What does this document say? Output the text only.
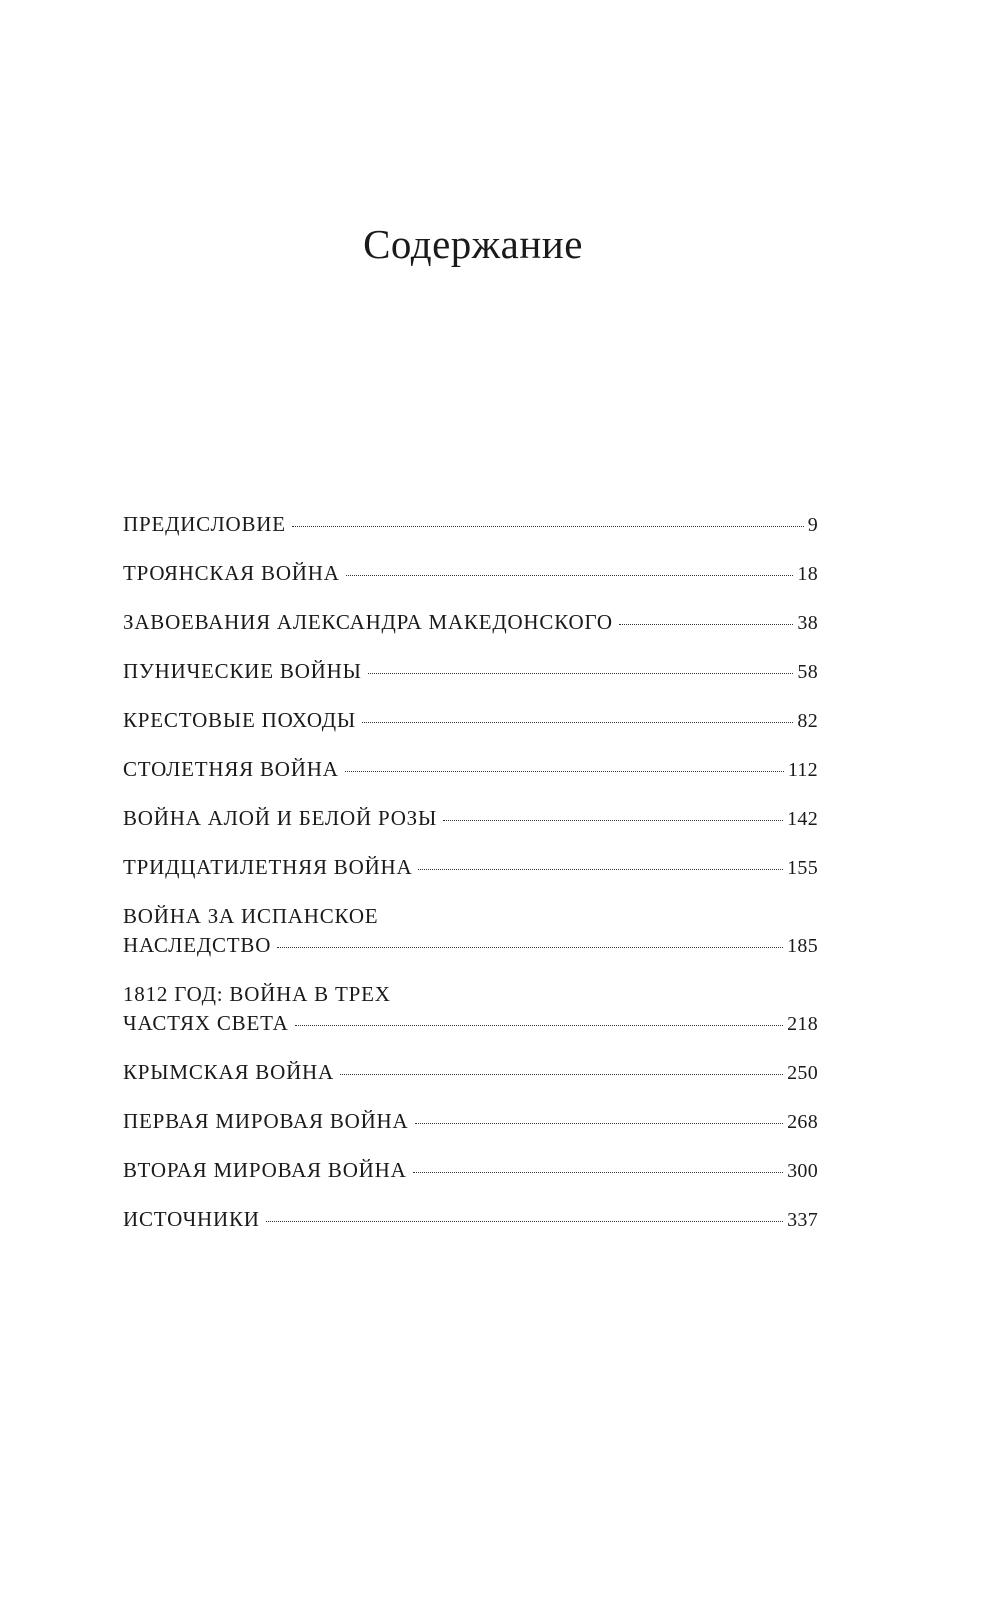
Содержание
ПРЕДИСЛОВИЕ	9
ТРОЯНСКАЯ ВОЙНА	18
ЗАВОЕВАНИЯ АЛЕКСАНДРА МАКЕДОНСКОГО	38
ПУНИЧЕСКИЕ ВОЙНЫ	58
КРЕСТОВЫЕ ПОХОДЫ	82
СТОЛЕТНЯЯ ВОЙНА	112
ВОЙНА АЛОЙ И БЕЛОЙ РОЗЫ	142
ТРИДЦАТИЛЕТНЯЯ ВОЙНА	155
ВОЙНА ЗА ИСПАНСКОЕ
НАСЛЕДСТВО	185
1812 ГОД: ВОЙНА В ТРЕХ
ЧАСТЯХ СВЕТА	218
КРЫМСКАЯ ВОЙНА	250
ПЕРВАЯ МИРОВАЯ ВОЙНА	268
ВТОРАЯ МИРОВАЯ ВОЙНА	300
ИСТОЧНИКИ	337
